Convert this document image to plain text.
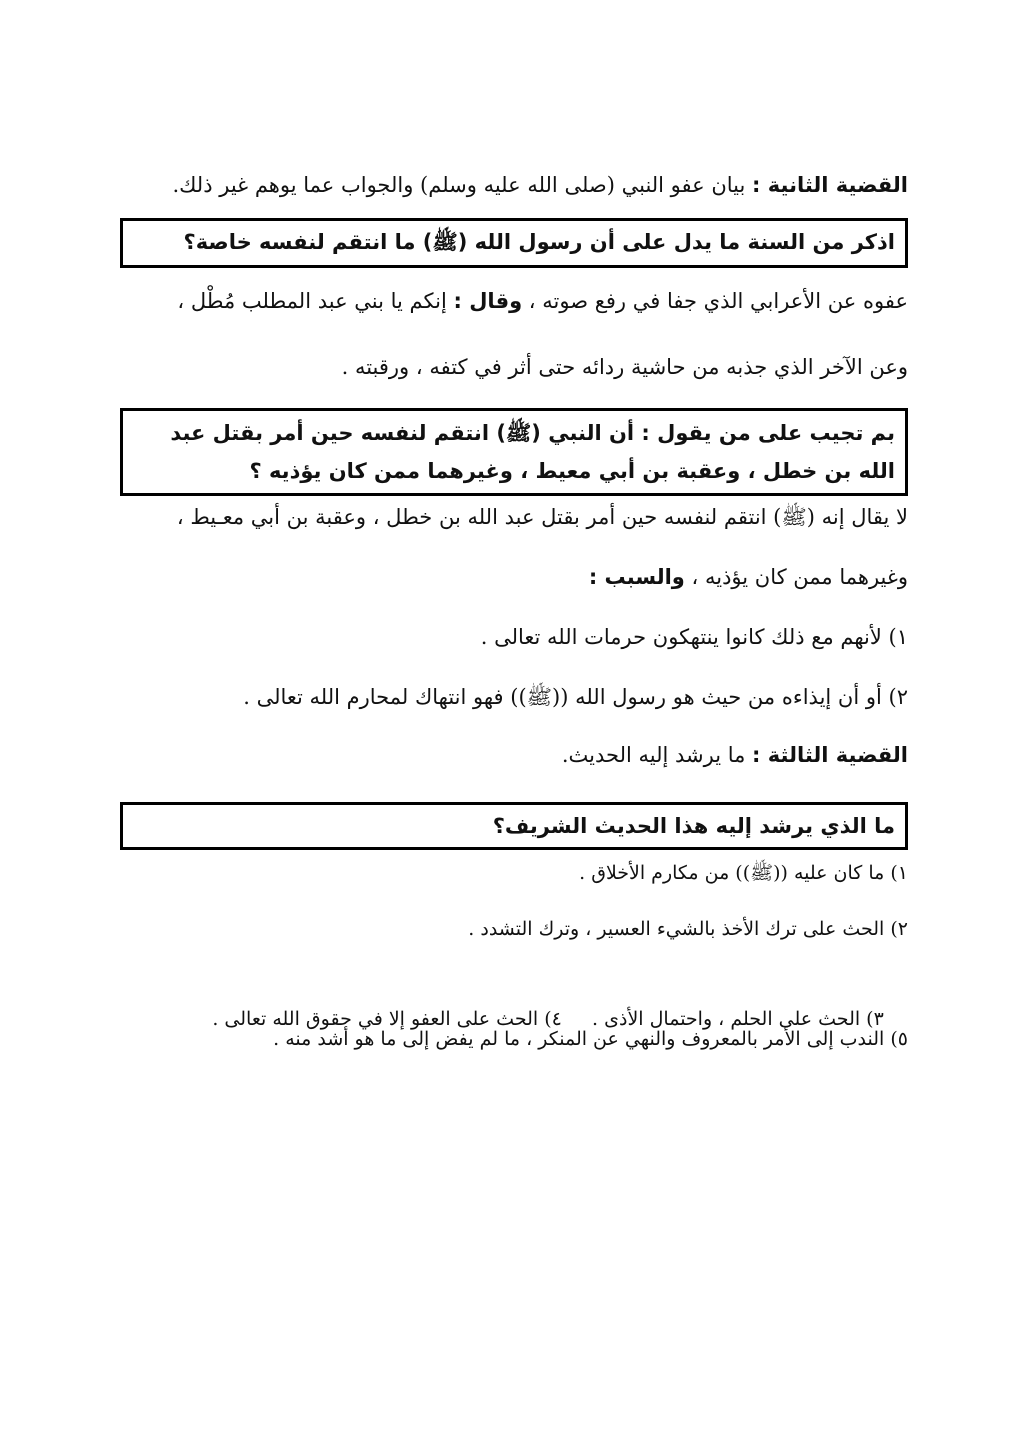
القضية الثانية : بيان عفو النبي (صلى الله عليه وسلم) والجواب عما يوهم غير ذلك.
اذكر من السنة ما يدل على أن رسول الله (ﷺ) ما انتقم لنفسه خاصة؟
عفوه عن الأعرابي الذي جفا في رفع صوته ، وقال : إنكم يا بني عبد المطلب مُطْل ،
وعن الآخر الذي جذبه من حاشية ردائه حتى أثر في كتفه ، ورقبته .
بم تجيب على من يقول : أن النبي (ﷺ) انتقم لنفسه حين أمر بقتل عبد
الله بن خطل ، وعقبة بن أبي معيط ، وغيرهما ممن كان يؤذيه ؟
لا يقال إنه (ﷺ) انتقم لنفسه حين أمر بقتل عبد الله بن خطل ، وعقبة بن أبي معـيط ،
وغيرهما ممن كان يؤذيه ، والسبب :
١) لأنهم مع ذلك كانوا ينتهكون حرمات الله تعالى .
٢) أو أن إيذاءه من حيث هو رسول الله ((ﷺ)) فهو انتهاك لمحارم الله تعالى .
القضية الثالثة : ما يرشد إليه الحديث.
ما الذي يرشد إليه هذا الحديث الشريف؟
١) ما كان عليه ((ﷺ)) من مكارم الأخلاق .
٢) الحث على ترك الأخذ بالشيء العسير ، وترك التشدد .

٣) الحث على الحلم ، واحتمال الأذى .     ٤) الحث على العفو إلا في حقوق الله تعالى .

٥) الندب إلى الأمر بالمعروف والنهي عن المنكر ، ما لم يفض إلى ما هو أشد منه .
